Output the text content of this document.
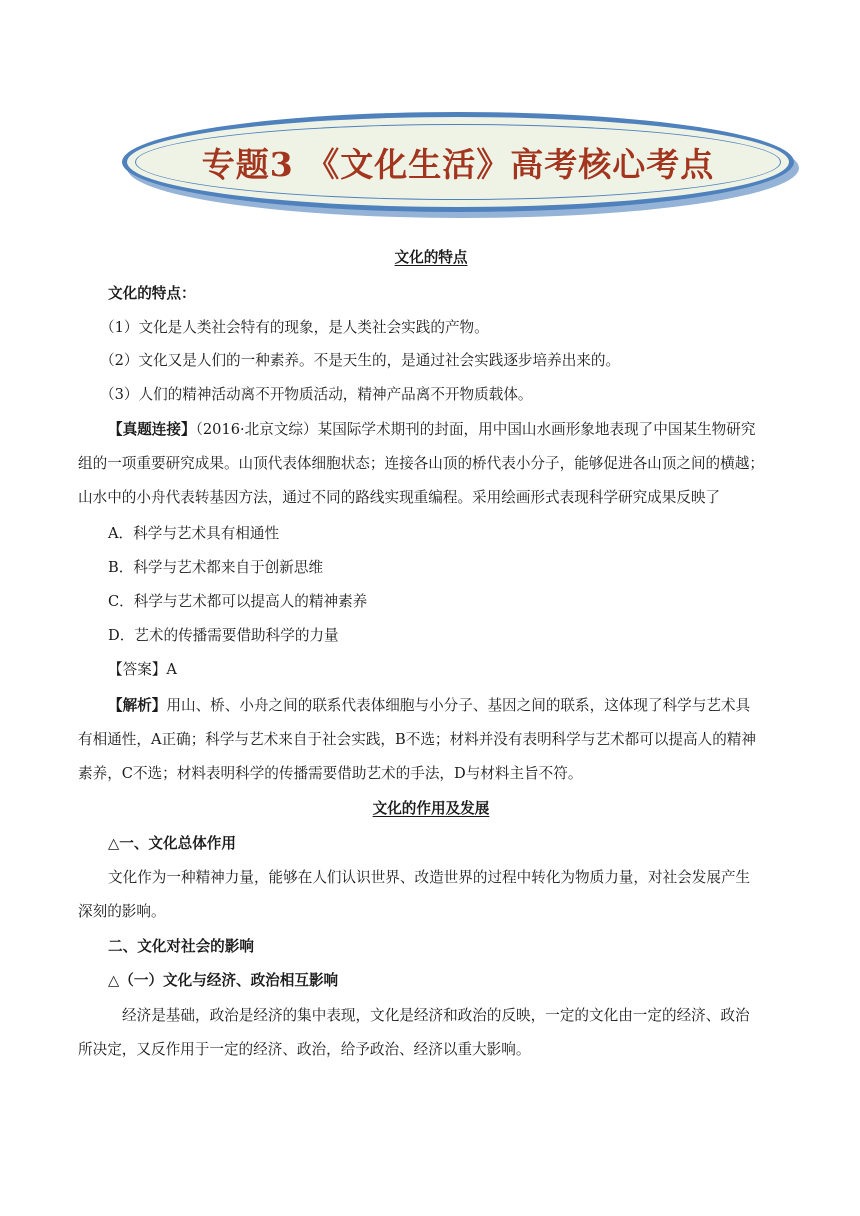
专题3 《文化生活》高考核心考点
文化的特点
文化的特点：
（1）文化是人类社会特有的现象，是人类社会实践的产物。
（2）文化又是人们的一种素养。不是天生的，是通过社会实践逐步培养出来的。
（3）人们的精神活动离不开物质活动，精神产品离不开物质载体。
【真题连接】（2016·北京文综）某国际学术期刊的封面，用中国山水画形象地表现了中国某生物研究
组的一项重要研究成果。山顶代表体细胞状态；连接各山顶的桥代表小分子，能够促进各山顶之间的横越；
山水中的小舟代表转基因方法，通过不同的路线实现重编程。采用绘画形式表现科学研究成果反映了
A．科学与艺术具有相通性
B．科学与艺术都来自于创新思维
C．科学与艺术都可以提高人的精神素养
D．艺术的传播需要借助科学的力量
【答案】A
【解析】用山、桥、小舟之间的联系代表体细胞与小分子、基因之间的联系，这体现了科学与艺术具
有相通性，A正确；科学与艺术来自于社会实践，B不选；材料并没有表明科学与艺术都可以提高人的精神
素养，C不选；材料表明科学的传播需要借助艺术的手法，D与材料主旨不符。
文化的作用及发展
△一、文化总体作用
文化作为一种精神力量，能够在人们认识世界、改造世界的过程中转化为物质力量，对社会发展产生
深刻的影响。
二、文化对社会的影响
△（一）文化与经济、政治相互影响
经济是基础，政治是经济的集中表现，文化是经济和政治的反映，一定的文化由一定的经济、政治
所决定，又反作用于一定的经济、政治，给予政治、经济以重大影响。
